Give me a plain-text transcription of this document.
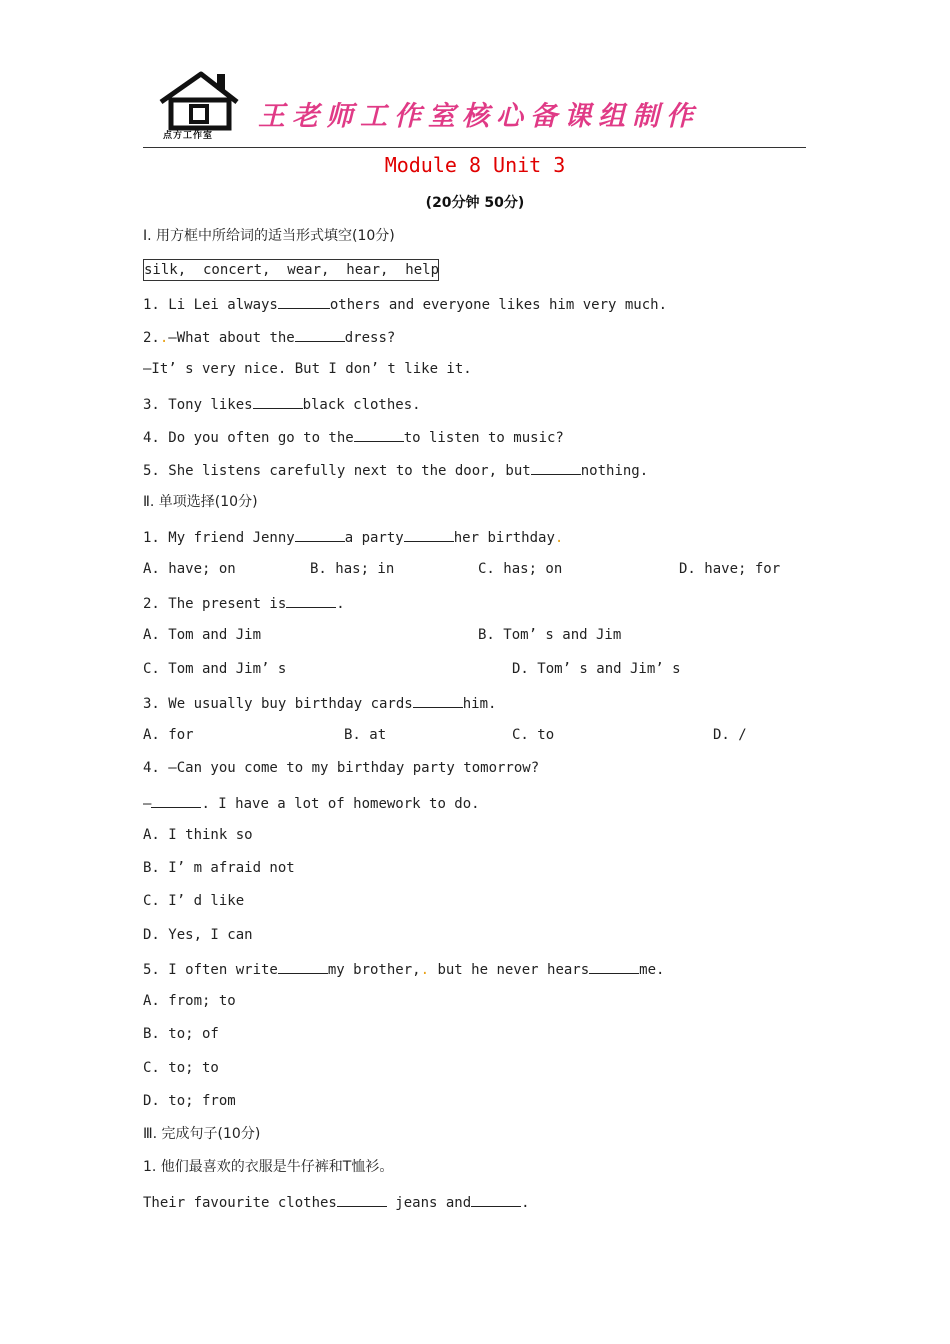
点方工作室
王老师工作室核心备课组制作
Module 8 Unit 3
(20分钟 50分)
Ⅰ. 用方框中所给词的适当形式填空(10分)
silk,  concert,  wear,  hear,  help
1. Li Lei always	others and everyone likes him very much.
2..—What about the	dress?
—It’ s very nice. But I don’ t like it.
3. Tony likes	black clothes.
4. Do you often go to the	to listen to music?
5. She listens carefully next to the door, but	nothing.
Ⅱ. 单项选择(10分)
1. My friend Jenny	a party	her birthday.
A. have; on	B. has; in	C. has; on	D. have; for
2. The present is	.
A. Tom and Jim	B. Tom’ s and Jim
C. Tom and Jim’ s	D. Tom’ s and Jim’ s
3. We usually buy birthday cards	him.
A. for	B. at	C. to	D. /
4. —Can you come to my birthday party tomorrow?
—	. I have a lot of homework to do.
A. I think so
B. I’ m afraid not
C. I’ d like
D. Yes, I can
5. I often write	my brother,. but he never hears	me.
A. from; to
B. to; of
C. to; to
D. to; from
Ⅲ. 完成句子(10分)
1. 他们最喜欢的衣服是牛仔裤和T恤衫。
Their favourite clothes	jeans and	.
